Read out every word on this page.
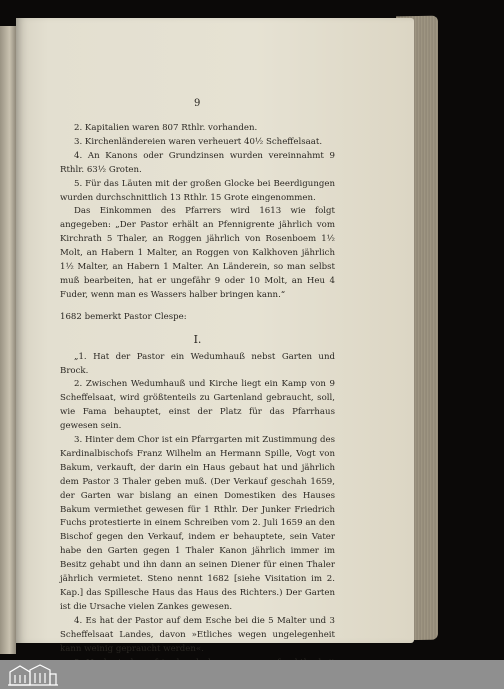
9

2. Kapitalien waren 807 Rthlr. vorhanden.

3. Kirchenländereien waren verheuert 40½ Scheffelsaat.

4. An Kanons oder Grundzinsen wurden vereinnahmt 9 Rthlr. 63½ Groten.

5. Für das Läuten mit der großen Glocke bei Beerdigungen wurden durchschnittlich 13 Rthlr. 15 Grote eingenommen.

Das Einkommen des Pfarrers wird 1613 wie folgt angegeben: „Der Pastor erhält an Pfennigrente jährlich vom Kirchrath 5 Thaler, an Roggen jährlich von Rosenboem 1½ Molt, an Habern 1 Malter, an Roggen von Kalkhoven jährlich 1½ Malter, an Habern 1 Malter. An Länderein, so man selbst muß bearbeiten, hat er ungefähr 9 oder 10 Molt, an Heu 4 Fuder, wenn man es Wassers halber bringen kann.“

1682 bemerkt Pastor Clespe:

I.

„1. Hat der Pastor ein Wedumhauß nebst Garten und Brock.

2. Zwischen Wedumhauß und Kirche liegt ein Kamp von 9 Scheffelsaat, wird größtenteils zu Gartenland gebraucht, soll, wie Fama behauptet, einst der Platz für das Pfarrhaus gewesen sein.

3. Hinter dem Chor ist ein Pfarrgarten mit Zustimmung des Kardinalbischofs Franz Wilhelm an Hermann Spille, Vogt von Bakum, verkauft, der darin ein Haus gebaut hat und jährlich dem Pastor 3 Thaler geben muß. (Der Verkauf geschah 1659, der Garten war bislang an einen Domestiken des Hauses Bakum vermiethet gewesen für 1 Rthlr. Der Junker Friedrich Fuchs protestierte in einem Schreiben vom 2. Juli 1659 an den Bischof gegen den Verkauf, indem er behauptete, sein Vater habe den Garten gegen 1 Thaler Kanon jährlich immer im Besitz gehabt und ihn dann an seinen Diener für einen Thaler jährlich vermietet. Steno nennt 1682 [siehe Visitation im 2. Kap.] das Spillesche Haus das Haus des Richters.) Der Garten ist die Ursache vielen Zankes gewesen.

4. Es hat der Pastor auf dem Esche bei die 5 Malter und 3 Scheffelsaat Landes, davon »Etliches wegen ungelegenheit kann weinig gepraucht werden«.
